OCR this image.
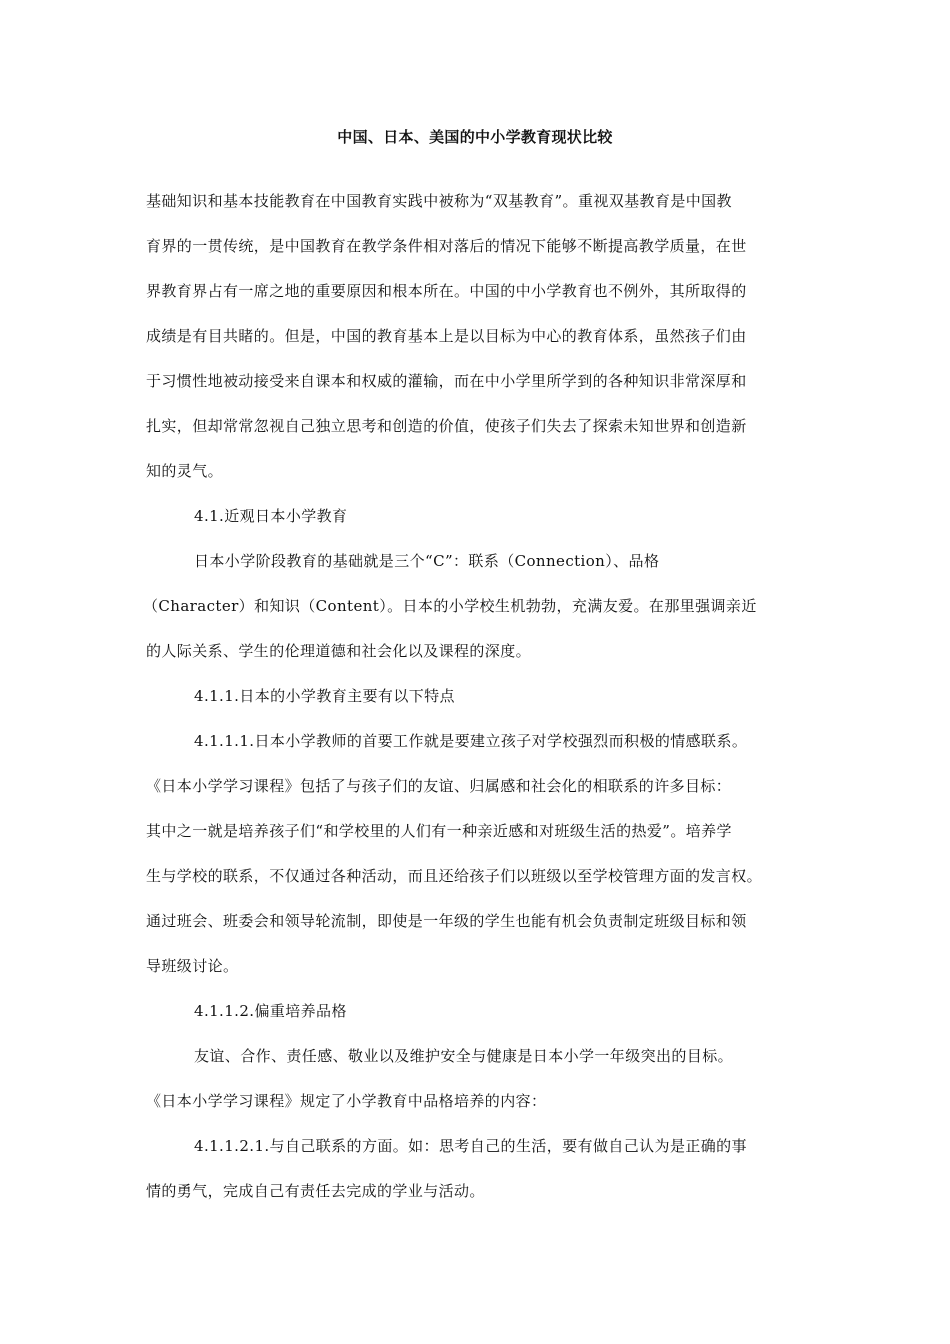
中国、日本、美国的中小学教育现状比较
基础知识和基本技能教育在中国教育实践中被称为“双基教育”。重视双基教育是中国教
育界的一贯传统，是中国教育在教学条件相对落后的情况下能够不断提高教学质量，在世
界教育界占有一席之地的重要原因和根本所在。中国的中小学教育也不例外，其所取得的
成绩是有目共睹的。但是，中国的教育基本上是以目标为中心的教育体系，虽然孩子们由
于习惯性地被动接受来自课本和权威的灌输，而在中小学里所学到的各种知识非常深厚和
扎实，但却常常忽视自己独立思考和创造的价值，使孩子们失去了探索未知世界和创造新
知的灵气。
4.1.近观日本小学教育
日本小学阶段教育的基础就是三个“C”：联系（Connection）、品格
（Character）和知识（Content）。日本的小学校生机勃勃，充满友爱。在那里强调亲近
的人际关系、学生的伦理道德和社会化以及课程的深度。
4.1.1.日本的小学教育主要有以下特点
4.1.1.1.日本小学教师的首要工作就是要建立孩子对学校强烈而积极的情感联系。
《日本小学学习课程》包括了与孩子们的友谊、归属感和社会化的相联系的许多目标：
其中之一就是培养孩子们“和学校里的人们有一种亲近感和对班级生活的热爱”。培养学
生与学校的联系，不仅通过各种活动，而且还给孩子们以班级以至学校管理方面的发言权。
通过班会、班委会和领导轮流制，即使是一年级的学生也能有机会负责制定班级目标和领
导班级讨论。
4.1.1.2.偏重培养品格
友谊、合作、责任感、敬业以及维护安全与健康是日本小学一年级突出的目标。
《日本小学学习课程》规定了小学教育中品格培养的内容：
4.1.1.2.1.与自己联系的方面。如：思考自己的生活，要有做自己认为是正确的事
情的勇气，完成自己有责任去完成的学业与活动。
